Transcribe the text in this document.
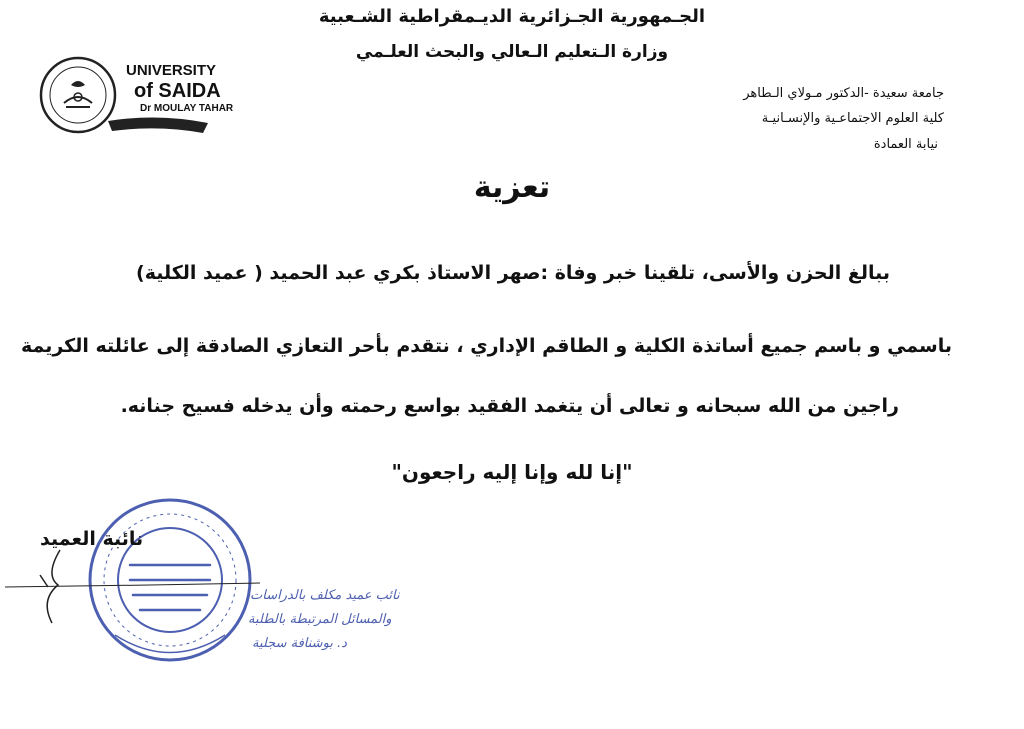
الجـمهورية الجـزائرية الديـمقراطية الشـعبية
وزارة الـتعليم الـعالي والبحث العلـمي
UNIVERSITY
of SAIDA
Dr MOULAY TAHAR
جامعة سعيدة -الدكتور مـولاي الـطاهر
كلية العلوم الاجتماعـية والإنسـانيـة
نيابة العمادة
تعزية
ببالغ الحزن والأسى، تلقينا خبر وفاة :صهر الاستاذ بكري عبد الحميد ( عميد الكلية)
باسمي و باسم جميع أساتذة الكلية و الطاقم الإداري ، نتقدم بأحر التعازي الصادقة إلى عائلته الكريمة
راجين من الله سبحانه و تعالى أن يتغمد الفقيد بواسع رحمته وأن يدخله فسيح جنانه.
"إنا لله وإنا إليه راجعون"
نائبة العميد
نائب عميد مكلف بالدراسات
والمسائل المرتبطة بالطلبة
د. بوشنافة سجلية
